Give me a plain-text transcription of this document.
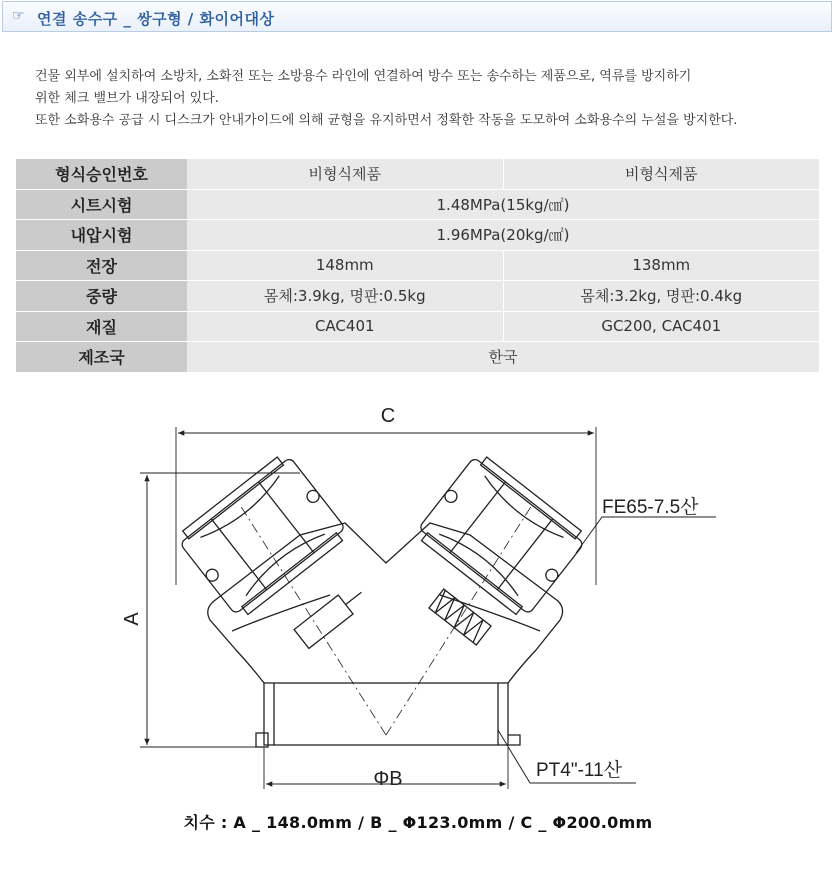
☞ 연결 송수구 _ 쌍구형 / 화이어대상

건물 외부에 설치하여 소방차, 소화전 또는 소방용수 라인에 연결하여 방수 또는 송수하는 제품으로, 역류를 방지하기

위한 체크 밸브가 내장되어 있다.

또한 소화용수 공급 시 디스크가 안내가이드에 의해 균형을 유지하면서 정확한 작동을 도모하여 소화용수의 누설을 방지한다.

형식승인번호	비형식제품	비형식제품
시트시험	1.48MPa(15kg/㎠)	
내압시험	1.96MPa(20kg/㎠)	
전장	148mm	138mm
중량	몸체:3.9kg, 명판:0.5kg	몸체:3.2kg, 명판:0.4kg
재질	CAC401	GC200, CAC401
제조국	한국	
C
A
ΦB
FE65-7.5산
PT4"-11산
치수 : A _ 148.0mm / B _ Φ123.0mm / C _ Φ200.0mm
